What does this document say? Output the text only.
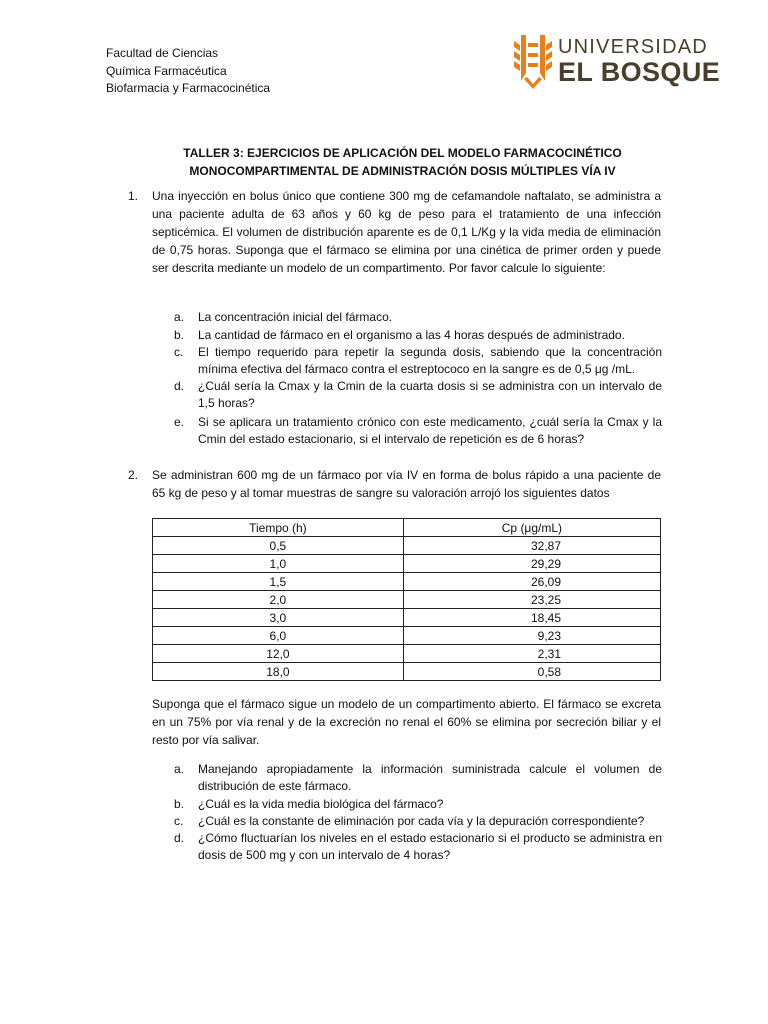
Facultad de Ciencias
Química Farmacéutica
Biofarmacia y Farmacocinética
UNIVERSIDAD
EL BOSQUE
TALLER 3: EJERCICIOS DE APLICACIÓN DEL MODELO FARMACOCINÉTICO
MONOCOMPARTIMENTAL DE ADMINISTRACIÓN DOSIS MÚLTIPLES VÍA IV
1. Una inyección en bolus único que contiene 300 mg de cefamandole naftalato, se administra a una paciente adulta de 63 años y 60 kg de peso para el tratamiento de una infección septicémica. El volumen de distribución aparente es de 0,1 L/Kg y la vida media de eliminación de 0,75 horas. Suponga que el fármaco se elimina por una cinética de primer orden y puede ser descrita mediante un modelo de un compartimento. Por favor calcule lo siguiente:
a. La concentración inicial del fármaco.
b. La cantidad de fármaco en el organismo a las 4 horas después de administrado.
c. El tiempo requerido para repetir la segunda dosis, sabiendo que la concentración mínima efectiva del fármaco contra el estreptococo en la sangre es de 0,5 μg /mL.
d. ¿Cuál sería la Cmax y la Cmin de la cuarta dosis si se administra con un intervalo de 1,5 horas?
e. Si se aplicara un tratamiento crónico con este medicamento, ¿cuál sería la Cmax y la Cmin del estado estacionario, si el intervalo de repetición es de 6 horas?
2. Se administran 600 mg de un fármaco por vía IV en forma de bolus rápido a una paciente de 65 kg de peso y al tomar muestras de sangre su valoración arrojó los siguientes datos
Tiempo (h)	Cp (μg/mL)
0,5	32,87
1,0	29,29
1,5	26,09
2,0	23,25
3,0	18,45
6,0	9,23
12,0	2,31
18,0	0,58
Suponga que el fármaco sigue un modelo de un compartimento abierto. El fármaco se excreta en un 75% por vía renal y de la excreción no renal el 60% se elimina por secreción biliar y el resto por vía salivar.
a. Manejando apropiadamente la información suministrada calcule el volumen de distribución de este fármaco.
b. ¿Cuál es la vida media biológica del fármaco?
c. ¿Cuál es la constante de eliminación por cada vía y la depuración correspondiente?
d. ¿Cómo fluctuarían los niveles en el estado estacionario si el producto se administra en dosis de 500 mg y con un intervalo de 4 horas?
